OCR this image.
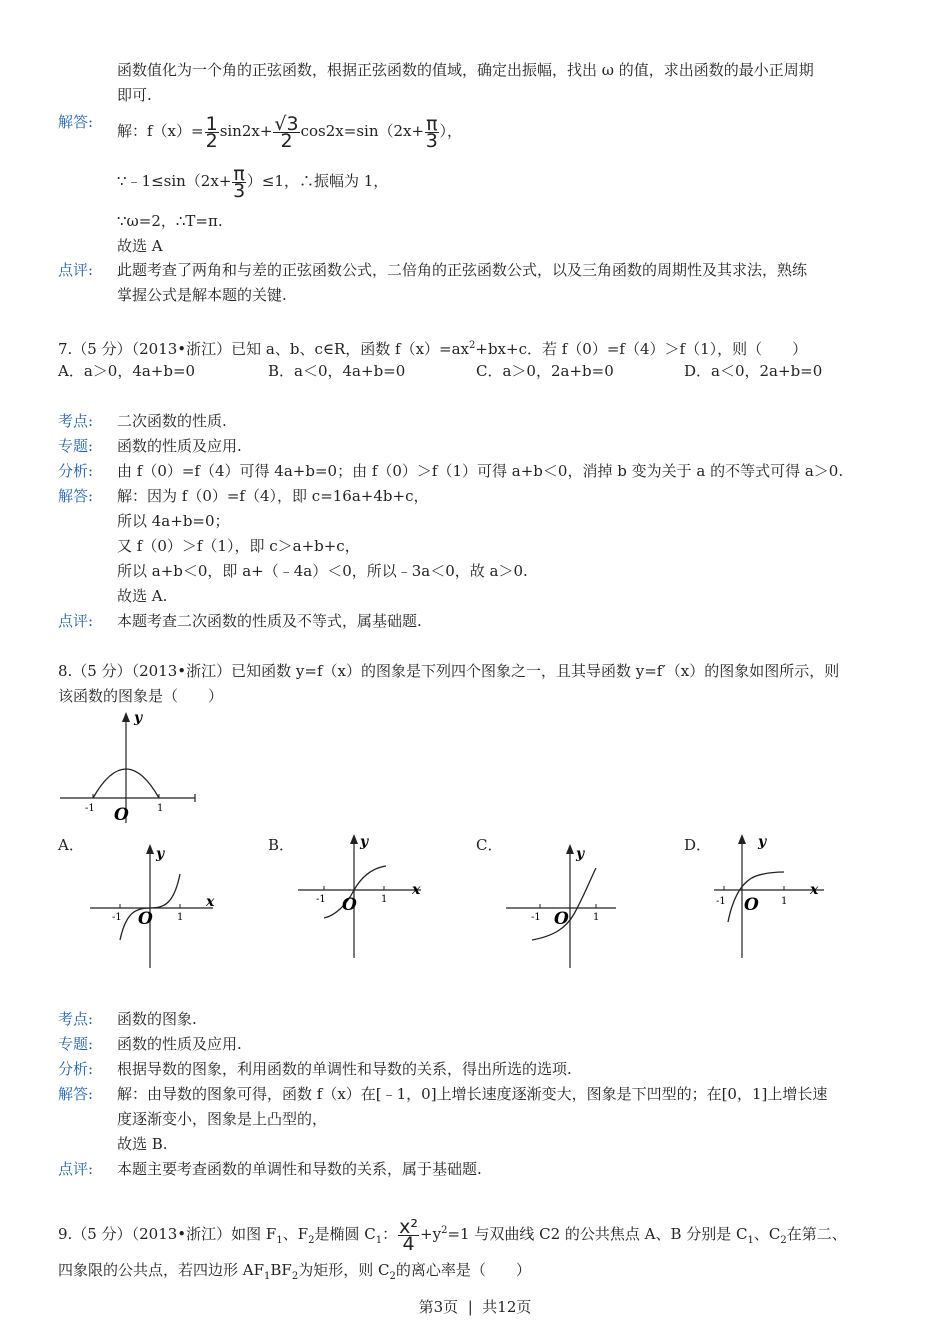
函数值化为一个角的正弦函数，根据正弦函数的值域，确定出振幅，找出 ω 的值，求出函数的最小正周期
即可.
解答: 解：$f(x)= \frac{1}{2} \sin 2x+ \frac{√3}{2} \cos 2x=\sin(2x+ \frac{\pi}{3}$ ），
∵﹣1≤sin（2x+ $\frac{\pi}{3} )\le 1$，∴振幅为 1，
∵ω=2，∴T=π.
故选 A
点评: 此题考查了两角和与差的正弦函数公式，二倍角的正弦函数公式，以及三角函数的周期性及其求法，熟练
掌握公式是解本题的关键.
7.（5 分）（2013•浙江）已知 a、b、c∈R，函数 $f(x)=ax^2+bx+c$．若 f（0）=f（4）＞f（1），则（　　）
A．a＞0，4a+b=0	B．a＜0，4a+b=0	C．a＞0，2a+b=0	D．a＜0，2a+b=0
考点: 二次函数的性质.
专题: 函数的性质及应用.
分析: 由 f（0）=f（4）可得 4a+b=0；由 f（0）＞f（1）可得 a+b＜0，消掉 b 变为关于 a 的不等式可得 a＞0.
解答: 解：因为 f（0）=f（4），即 c=16a+4b+c，
所以 4a+b=0；
又 f（0）＞f（1），即 c＞a+b+c，
所以 a+b＜0，即 a+（﹣4a）＜0，所以﹣3a＜0，故 a＞0.
故选 A.
点评: 本题考查二次函数的性质及不等式，属基础题.
8.（5 分）（2013•浙江）已知函数 y=f（x）的图象是下列四个图象之一，且其导函数 y=f′（x）的图象如图所示，则
该函数的图象是（　　）
y
O
-1	1
A．	B．	C．	D．
y
x
O
-1	1
y
x
O
-1	1
y
O
-1	1
y
x
O
-1	1
考点: 函数的图象.
专题: 函数的性质及应用.
分析: 根据导数的图象，利用函数的单调性和导数的关系，得出所选的选项.
解答: 解：由导数的图象可得，函数 f（x）在[﹣1，0]上增长速度逐渐变大，图象是下凹型的；在[0，1]上增长速
度逐渐变小，图象是上凸型的，
故选 B.
点评: 本题主要考查函数的单调性和导数的关系，属于基础题.
9.（5 分）（2013•浙江）如图 $F_1$、$F_2$是椭圆 $C_1$： $\frac{\text{x²}}{4} +y^2=1$ 与双曲线 C2 的公共焦点 A、B 分别是 $C_1$、$C_2$在第二、
四象限的公共点，若四边形 $AF_1BF_2$为矩形，则 $C_2$的离心率是（　　）
第3页 | 共12页
